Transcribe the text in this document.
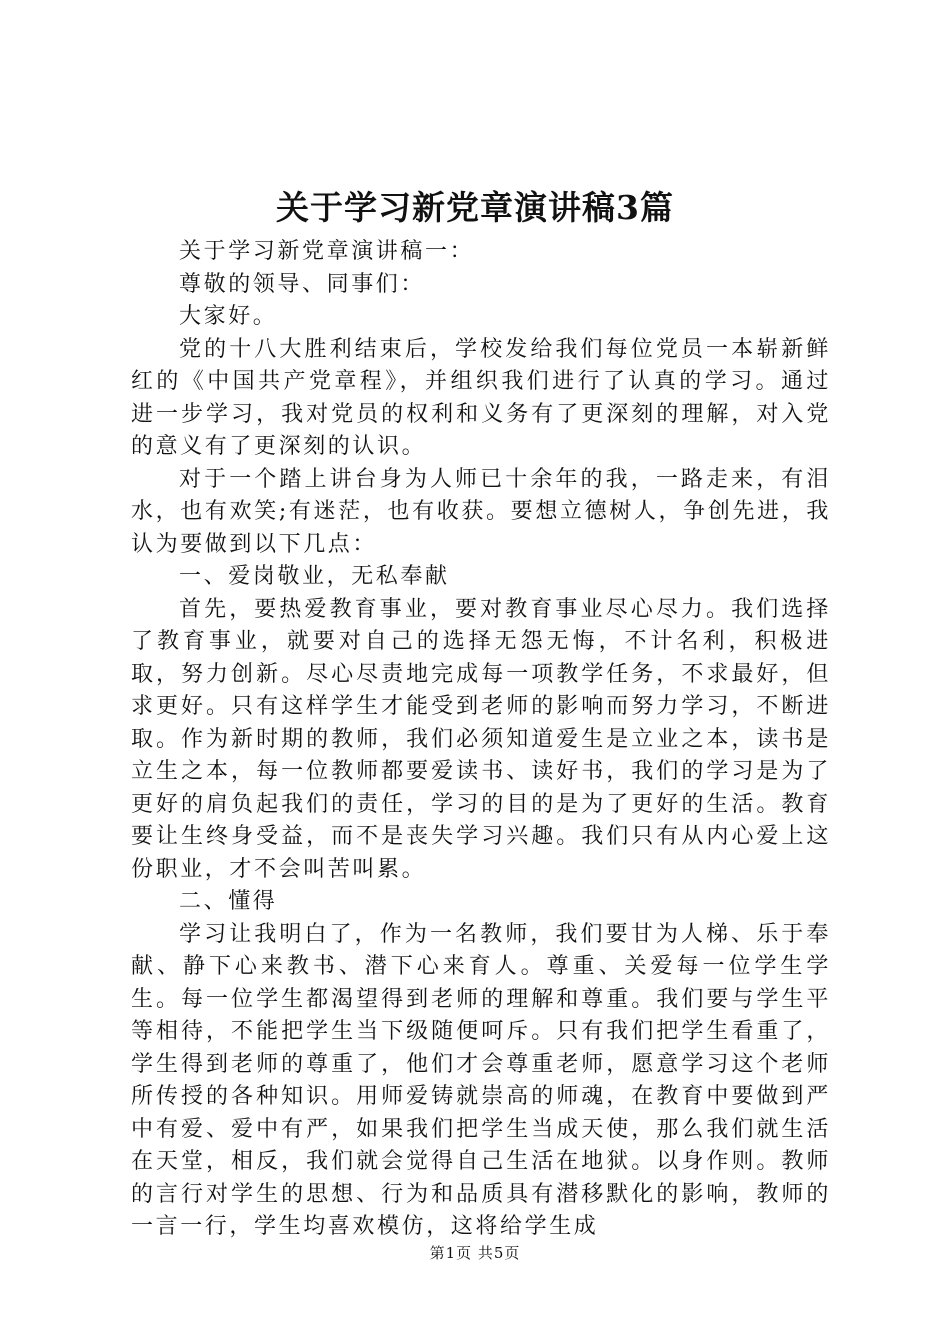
关于学习新党章演讲稿3篇

关于学习新党章演讲稿一：

尊敬的领导、同事们：

大家好。

党的十八大胜利结束后，学校发给我们每位党员一本崭新鲜红的《中国共产党章程》，并组织我们进行了认真的学习。通过进一步学习，我对党员的权利和义务有了更深刻的理解，对入党的意义有了更深刻的认识。

对于一个踏上讲台身为人师已十余年的我，一路走来，有泪水，也有欢笑;有迷茫，也有收获。要想立德树人，争创先进，我认为要做到以下几点：

一、爱岗敬业，无私奉献

首先，要热爱教育事业，要对教育事业尽心尽力。我们选择了教育事业，就要对自己的选择无怨无悔，不计名利，积极进取，努力创新。尽心尽责地完成每一项教学任务，不求最好，但求更好。只有这样学生才能受到老师的影响而努力学习，不断进取。作为新时期的教师，我们必须知道爱生是立业之本，读书是立生之本，每一位教师都要爱读书、读好书，我们的学习是为了更好的肩负起我们的责任，学习的目的是为了更好的生活。教育要让生终身受益，而不是丧失学习兴趣。我们只有从内心爱上这份职业，才不会叫苦叫累。

二、懂得

学习让我明白了，作为一名教师，我们要甘为人梯、乐于奉献、静下心来教书、潜下心来育人。尊重、关爱每一位学生学生。每一位学生都渴望得到老师的理解和尊重。我们要与学生平等相待，不能把学生当下级随便呵斥。只有我们把学生看重了，学生得到老师的尊重了，他们才会尊重老师，愿意学习这个老师所传授的各种知识。用师爱铸就崇高的师魂，在教育中要做到严中有爱、爱中有严，如果我们把学生当成天使，那么我们就生活在天堂，相反，我们就会觉得自己生活在地狱。以身作则。教师的言行对学生的思想、行为和品质具有潜移默化的影响，教师的一言一行，学生均喜欢模仿，这将给学生成

第1页 共5页
